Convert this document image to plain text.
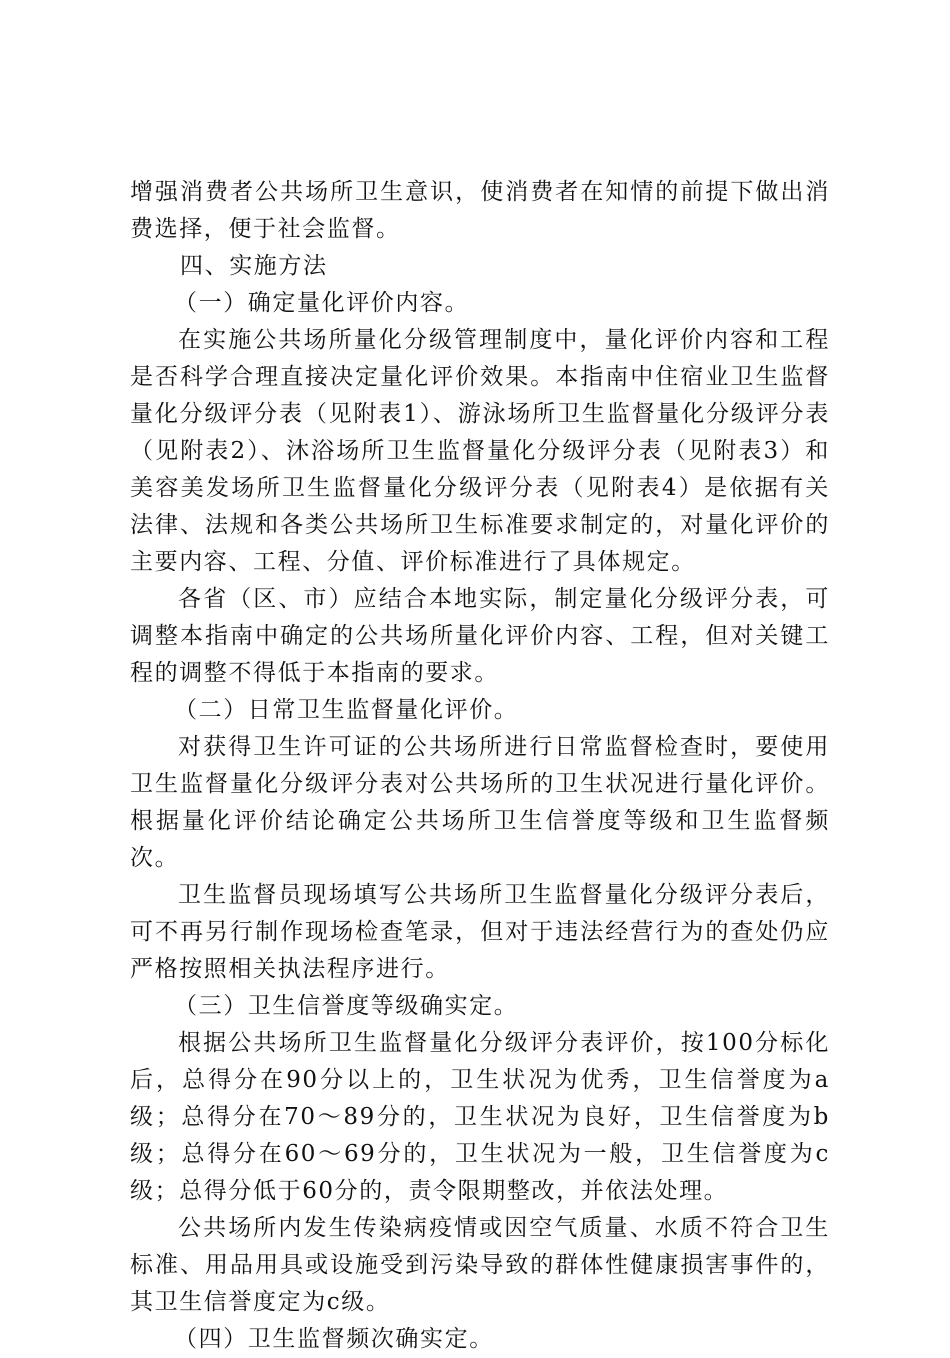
增强消费者公共场所卫生意识，使消费者在知情的前提下做出消费选择，便于社会监督。

四、实施方法

（一）确定量化评价内容。

在实施公共场所量化分级管理制度中，量化评价内容和工程是否科学合理直接决定量化评价效果。本指南中住宿业卫生监督量化分级评分表（见附表1）、游泳场所卫生监督量化分级评分表（见附表2）、沐浴场所卫生监督量化分级评分表（见附表3）和美容美发场所卫生监督量化分级评分表（见附表4）是依据有关法律、法规和各类公共场所卫生标准要求制定的，对量化评价的主要内容、工程、分值、评价标准进行了具体规定。

各省（区、市）应结合本地实际，制定量化分级评分表，可调整本指南中确定的公共场所量化评价内容、工程，但对关键工程的调整不得低于本指南的要求。

（二）日常卫生监督量化评价。

对获得卫生许可证的公共场所进行日常监督检查时，要使用卫生监督量化分级评分表对公共场所的卫生状况进行量化评价。根据量化评价结论确定公共场所卫生信誉度等级和卫生监督频次。

卫生监督员现场填写公共场所卫生监督量化分级评分表后，可不再另行制作现场检查笔录，但对于违法经营行为的查处仍应严格按照相关执法程序进行。

（三）卫生信誉度等级确实定。

根据公共场所卫生监督量化分级评分表评价，按100分标化后，总得分在90分以上的，卫生状况为优秀，卫生信誉度为a级；总得分在70～89分的，卫生状况为良好，卫生信誉度为b级；总得分在60～69分的，卫生状况为一般，卫生信誉度为c级；总得分低于60分的，责令限期整改，并依法处理。

公共场所内发生传染病疫情或因空气质量、水质不符合卫生标准、用品用具或设施受到污染导致的群体性健康损害事件的，其卫生信誉度定为c级。

（四）卫生监督频次确实定。
